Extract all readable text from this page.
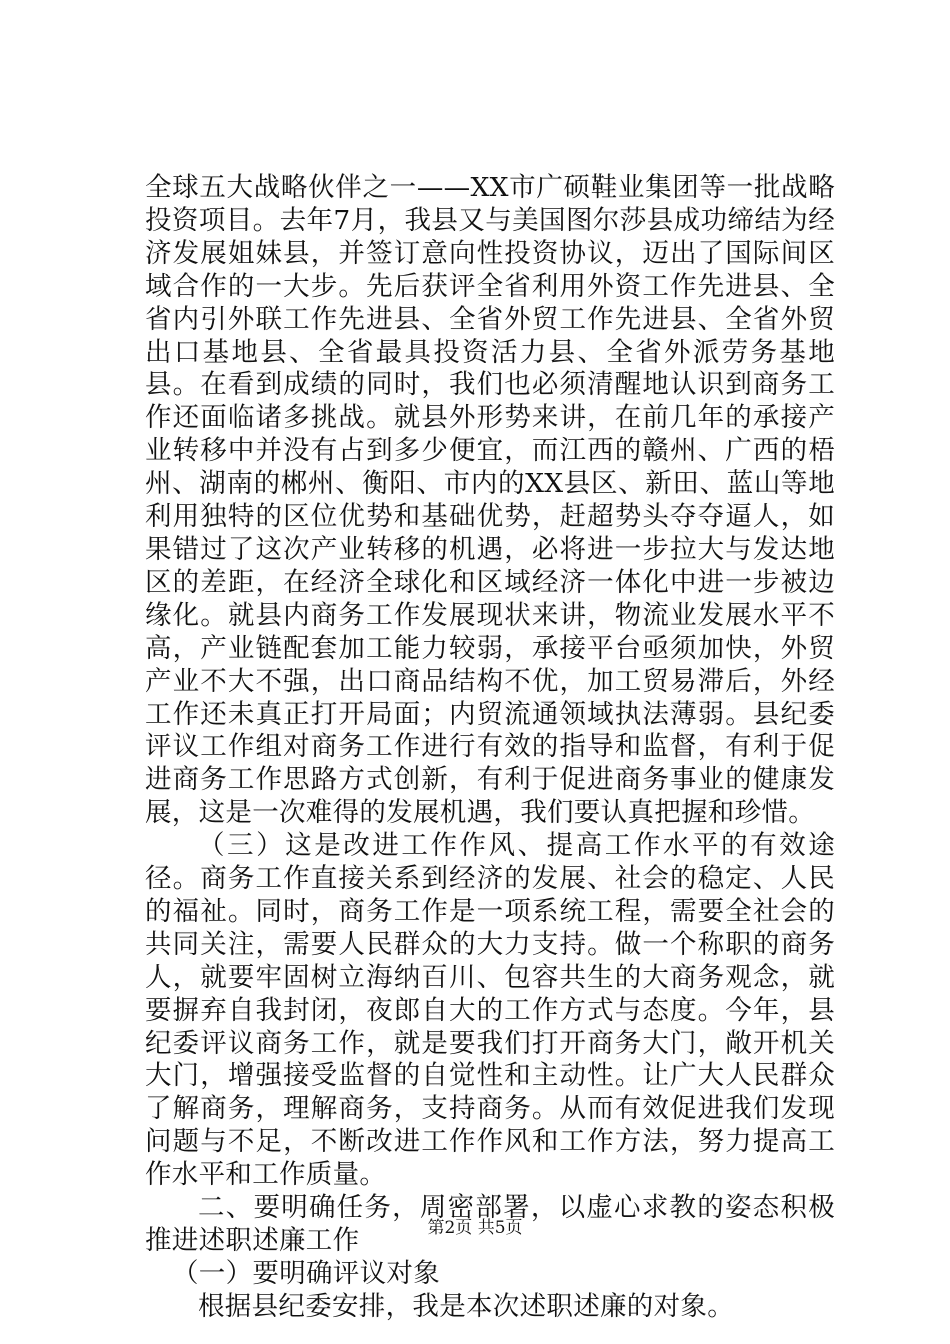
全球五大战略伙伴之一——XX市广硕鞋业集团等一批战略投资项目。去年7月，我县又与美国图尔莎县成功缔结为经济发展姐妹县，并签订意向性投资协议，迈出了国际间区域合作的一大步。先后获评全省利用外资工作先进县、全省内引外联工作先进县、全省外贸工作先进县、全省外贸出口基地县、全省最具投资活力县、全省外派劳务基地县。在看到成绩的同时，我们也必须清醒地认识到商务工作还面临诸多挑战。就县外形势来讲，在前几年的承接产业转移中并没有占到多少便宜，而江西的赣州、广西的梧州、湖南的郴州、衡阳、市内的XX县区、新田、蓝山等地利用独特的区位优势和基础优势，赶超势头夺夺逼人，如果错过了这次产业转移的机遇，必将进一步拉大与发达地区的差距，在经济全球化和区域经济一体化中进一步被边缘化。就县内商务工作发展现状来讲，物流业发展水平不高，产业链配套加工能力较弱，承接平台亟须加快，外贸产业不大不强，出口商品结构不优，加工贸易滞后，外经工作还未真正打开局面；内贸流通领域执法薄弱。县纪委评议工作组对商务工作进行有效的指导和监督，有利于促进商务工作思路方式创新，有利于促进商务事业的健康发展，这是一次难得的发展机遇，我们要认真把握和珍惜。

（三）这是改进工作作风、提高工作水平的有效途径。商务工作直接关系到经济的发展、社会的稳定、人民的福祉。同时，商务工作是一项系统工程，需要全社会的共同关注，需要人民群众的大力支持。做一个称职的商务人，就要牢固树立海纳百川、包容共生的大商务观念，就要摒弃自我封闭，夜郎自大的工作方式与态度。今年，县纪委评议商务工作，就是要我们打开商务大门，敞开机关大门，增强接受监督的自觉性和主动性。让广大人民群众了解商务，理解商务，支持商务。从而有效促进我们发现问题与不足，不断改进工作作风和工作方法，努力提高工作水平和工作质量。

二、要明确任务，周密部署，以虚心求教的姿态积极推进述职述廉工作

（一）要明确评议对象

根据县纪委安排，我是本次述职述廉的对象。

第2页 共5页
